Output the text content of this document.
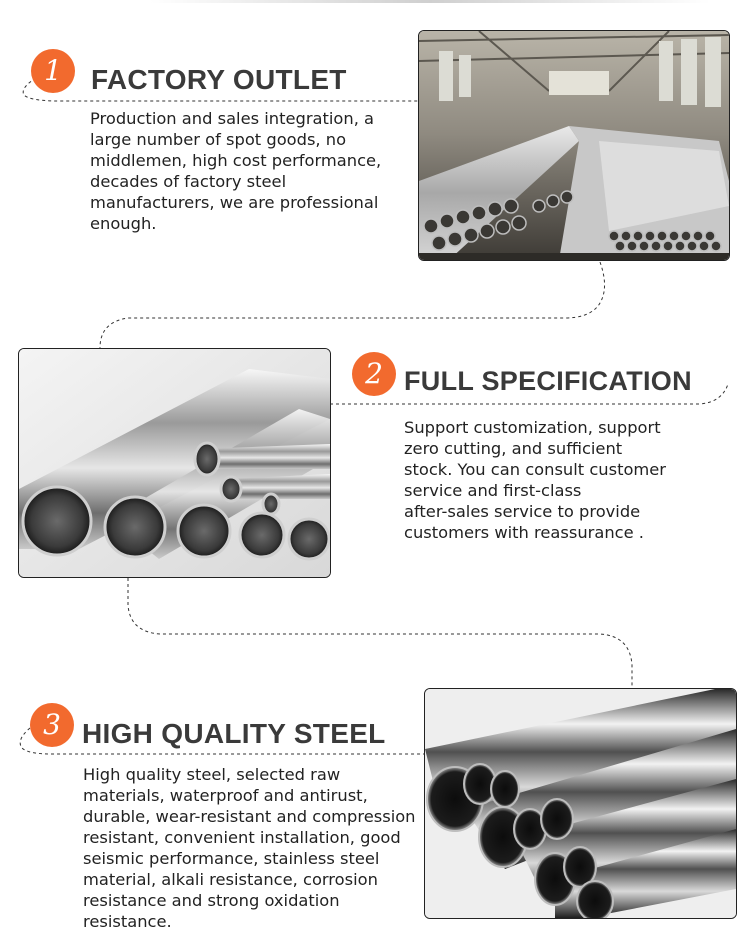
1	FACTORY OUTLET
Production and sales integration, a
large number of spot goods, no
middlemen, high cost performance,
decades of factory steel
manufacturers, we are professional
enough.
2 FULL SPECIFICATION
Support customization, support
zero cutting, and sufficient
stock. You can consult customer
service and first-class
after-sales service to provide
customers with reassurance .
3 HIGH QUALITY STEEL
High quality steel, selected raw
materials, waterproof and antirust,
durable, wear-resistant and compression
resistant, convenient installation, good
seismic performance, stainless steel
material, alkali resistance, corrosion
resistance and strong oxidation
resistance.
